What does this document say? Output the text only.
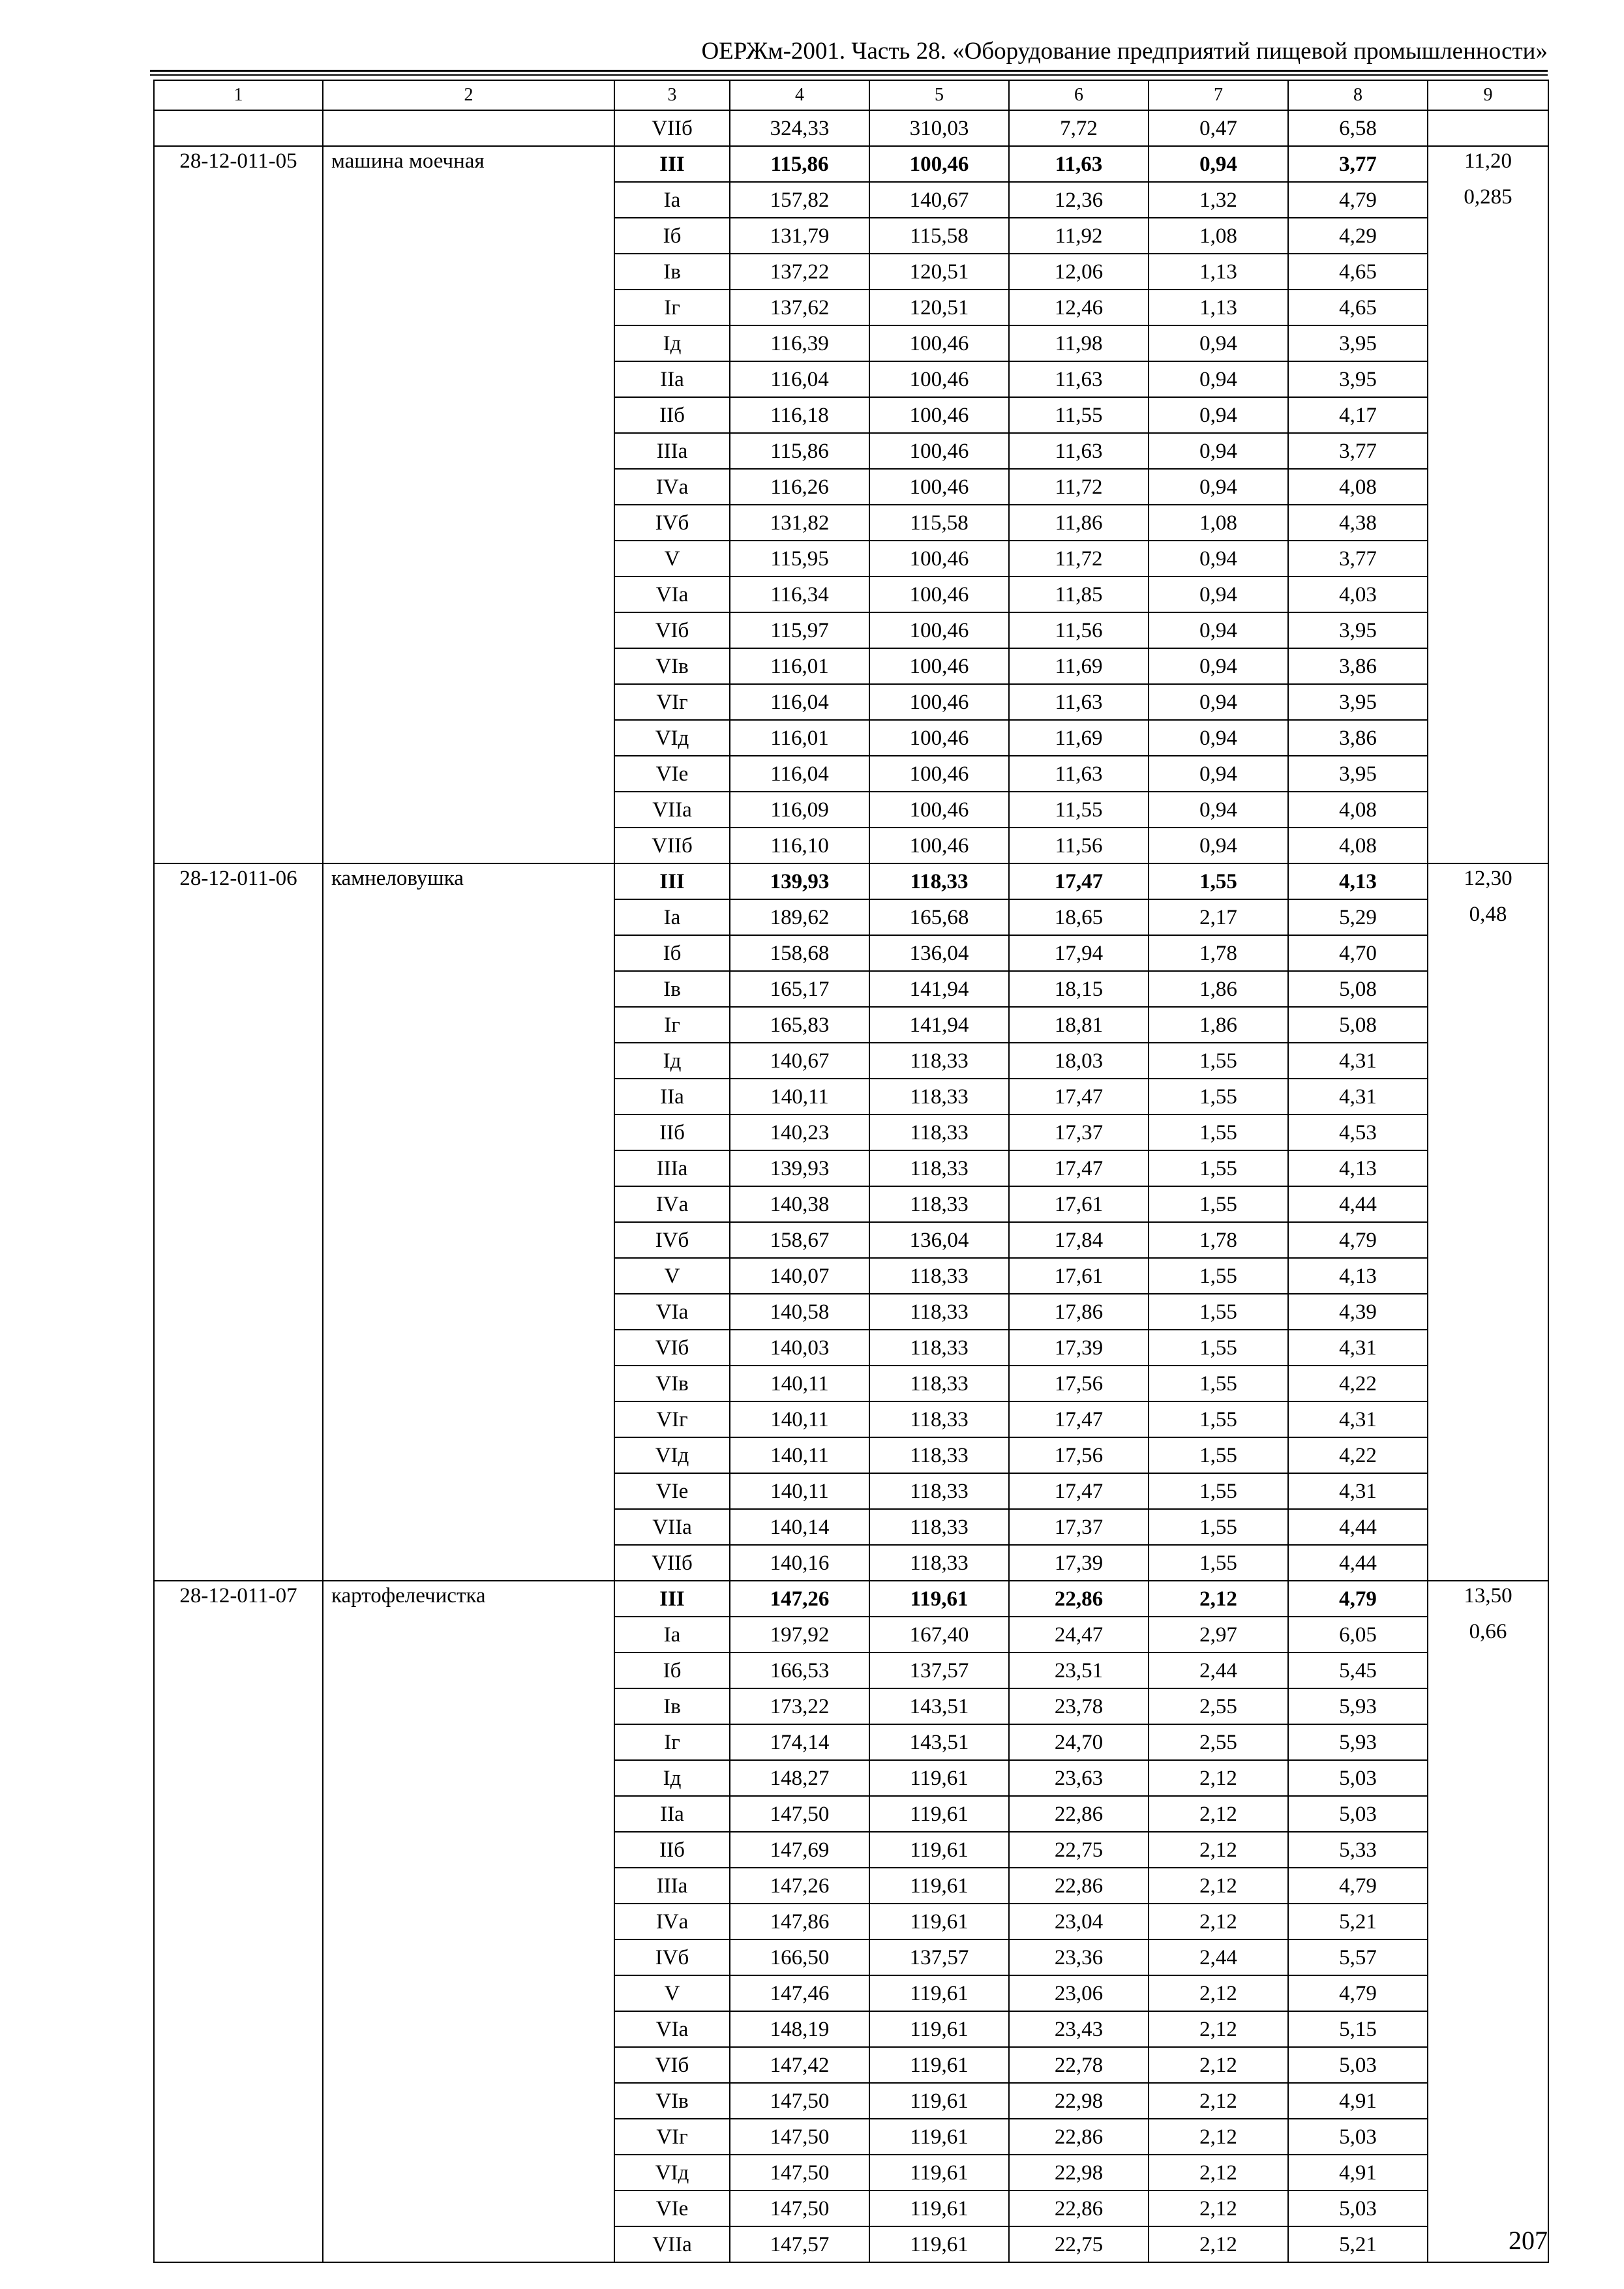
ОЕРЖм-2001. Часть 28. «Оборудование предприятий пищевой промышленности»
1	2	3	4	5	6	7	8	9
		VIIб	324,33	310,03	7,72	0,47	6,58	
28-12-011-05	машина моечная	III	115,86	100,46	11,63	0,94	3,77	11,20
		Iа	157,82	140,67	12,36	1,32	4,79	0,285
		Iб	131,79	115,58	11,92	1,08	4,29	
		Iв	137,22	120,51	12,06	1,13	4,65	
		Iг	137,62	120,51	12,46	1,13	4,65	
		Iд	116,39	100,46	11,98	0,94	3,95	
		IIа	116,04	100,46	11,63	0,94	3,95	
		IIб	116,18	100,46	11,55	0,94	4,17	
		IIIа	115,86	100,46	11,63	0,94	3,77	
		IVа	116,26	100,46	11,72	0,94	4,08	
		IVб	131,82	115,58	11,86	1,08	4,38	
		V	115,95	100,46	11,72	0,94	3,77	
		VIа	116,34	100,46	11,85	0,94	4,03	
		VIб	115,97	100,46	11,56	0,94	3,95	
		VIв	116,01	100,46	11,69	0,94	3,86	
		VIг	116,04	100,46	11,63	0,94	3,95	
		VIд	116,01	100,46	11,69	0,94	3,86	
		VIе	116,04	100,46	11,63	0,94	3,95	
		VIIа	116,09	100,46	11,55	0,94	4,08	
		VIIб	116,10	100,46	11,56	0,94	4,08	
28-12-011-06	камнеловушка	III	139,93	118,33	17,47	1,55	4,13	12,30
		Iа	189,62	165,68	18,65	2,17	5,29	0,48
		Iб	158,68	136,04	17,94	1,78	4,70	
		Iв	165,17	141,94	18,15	1,86	5,08	
		Iг	165,83	141,94	18,81	1,86	5,08	
		Iд	140,67	118,33	18,03	1,55	4,31	
		IIа	140,11	118,33	17,47	1,55	4,31	
		IIб	140,23	118,33	17,37	1,55	4,53	
		IIIа	139,93	118,33	17,47	1,55	4,13	
		IVа	140,38	118,33	17,61	1,55	4,44	
		IVб	158,67	136,04	17,84	1,78	4,79	
		V	140,07	118,33	17,61	1,55	4,13	
		VIа	140,58	118,33	17,86	1,55	4,39	
		VIб	140,03	118,33	17,39	1,55	4,31	
		VIв	140,11	118,33	17,56	1,55	4,22	
		VIг	140,11	118,33	17,47	1,55	4,31	
		VIд	140,11	118,33	17,56	1,55	4,22	
		VIе	140,11	118,33	17,47	1,55	4,31	
		VIIа	140,14	118,33	17,37	1,55	4,44	
		VIIб	140,16	118,33	17,39	1,55	4,44	
28-12-011-07	картофелечистка	III	147,26	119,61	22,86	2,12	4,79	13,50
		Iа	197,92	167,40	24,47	2,97	6,05	0,66
		Iб	166,53	137,57	23,51	2,44	5,45	
		Iв	173,22	143,51	23,78	2,55	5,93	
		Iг	174,14	143,51	24,70	2,55	5,93	
		Iд	148,27	119,61	23,63	2,12	5,03	
		IIа	147,50	119,61	22,86	2,12	5,03	
		IIб	147,69	119,61	22,75	2,12	5,33	
		IIIа	147,26	119,61	22,86	2,12	4,79	
		IVа	147,86	119,61	23,04	2,12	5,21	
		IVб	166,50	137,57	23,36	2,44	5,57	
		V	147,46	119,61	23,06	2,12	4,79	
		VIа	148,19	119,61	23,43	2,12	5,15	
		VIб	147,42	119,61	22,78	2,12	5,03	
		VIв	147,50	119,61	22,98	2,12	4,91	
		VIг	147,50	119,61	22,86	2,12	5,03	
		VIд	147,50	119,61	22,98	2,12	4,91	
		VIе	147,50	119,61	22,86	2,12	5,03	
		VIIа	147,57	119,61	22,75	2,12	5,21		207
